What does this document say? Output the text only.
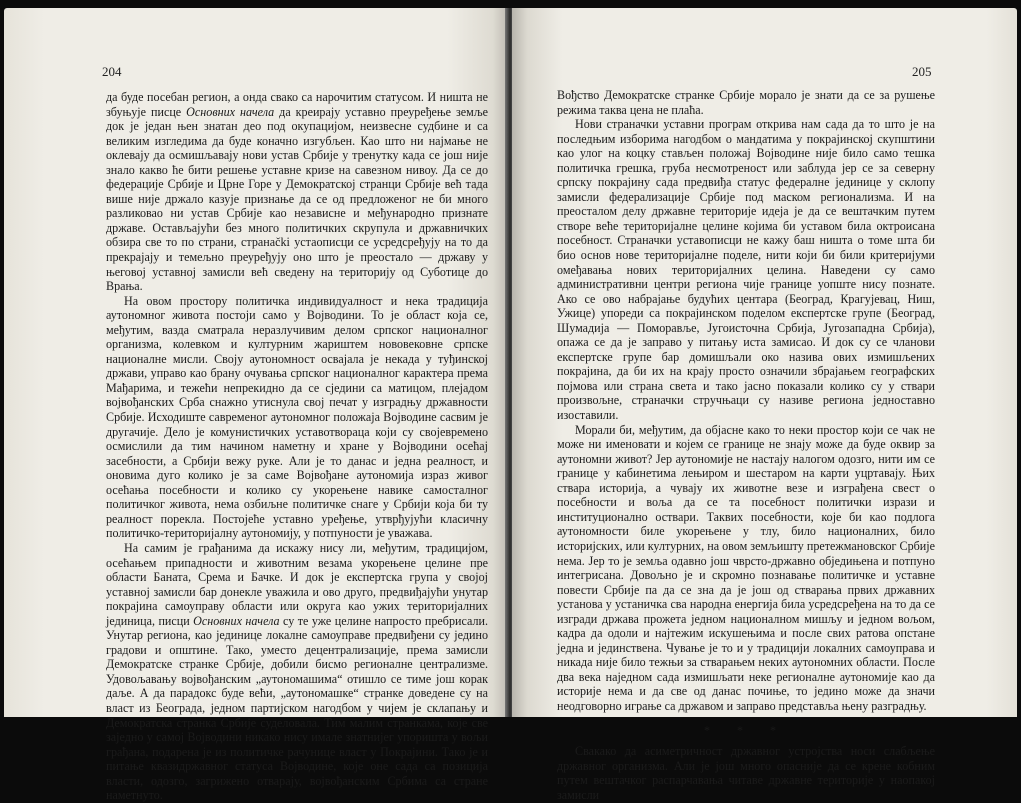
204

да буде посебан регион, а онда свако са нарочитим статусом. И ништа не збуњује писце Основних начела да креирају уставно преуређење земље док је један њен знатан део под окупацијом, неизвесне судбине и са великим изгледима да буде коначно изгубљен. Као што ни најмање не оклевају да осмишљавају нови устав Србије у тренутку када се још није знало какво ће бити решење уставне кризе на савезном нивоу. Да се до федерације Србије и Црне Горе у Демократској странци Србије већ тада више није држало казује признање да се од предложеног не би много разликовао ни устав Србије као независне и међународно признате државе. Остављајући без много политичких скрупула и државничких обзира све то по страни, странački устаописци се усредсређују на то да прекрајају и темељно преуређују оно што је преостало — државу у његовој уставној замисли већ сведену на територију од Суботице до Врања.

На овом простору политичка индивидуалност и нека традиција аутономног живота постоји само у Војводини. То је област која се, међутим, вазда сматрала неразлучивим делом српског националног организма, колевком и културним жариштем нововековне српске националне мисли. Своју аутономност осваjала је некада у туђинској држави, управо као брану очувања српског националног карактера према Мађарима, и тежећи непрекидно да се сједини са матицом, плејадом војвођанских Срба снажно утиснула свој печат у изградњу државности Србије. Исходиште савременог аутономног положаја Војводине сасвим је другачије. Дело је комунистичких уставотвораца који су својевремено осмислили да тим начином наметну и хране у Војводини осећај засебности, а Србији вежу руке. Али је то данас и једна реалност, и оновима дуго колико је за саме Војвођане аутономија израз живог осећања посебности и колико су укорењене навике самосталног политичког живота, нема озбиљне политичке снаге у Србији која би ту реалност порекла. Постојеће уставно уређење, утврђујући класичну политичко-територијалну аутономију, у потпуности је уважава.

На самим је грађанима да искажу нису ли, међутим, традицијом, осећањем припадности и животним везама укорењене целине пре области Баната, Срема и Бачке. И док је експертска група у својој уставној замисли бар донекле уважила и ово друго, предвиђајући унутар покрајина самоуправу области или округа као ужих територијалних јединица, писци Основних начела су те уже целине напросто пребрисали. Унутар региона, као јединице локалне самоуправе предвиђени су једино градови и општине. Тако, уместо децентрализације, према замисли Демократске странке Србије, добили бисмо регионалне централизме. Удовољавању војвођанским „аутономашима“ отишло се тиме још корак даље. А да парадокс буде већи, „аутономашке“ странке доведене су на власт из Београда, једном партијском нагодбом у чијем је склапању и Демократска странка Србије суделовала. Тим малим странкама, које све заједно у самој Војводини никако нису имале знатнијег упоришта у вољи грађана, подарена је из политичке рачунице власт у Покрајини. Тако је и питање квазидржавног статуса Војводине, које оне сада са позиција власти, одозго, загрижено отварају, војвођанским Србима са стране наметнуто.

205

Вођство Демократске странке Србије морало је знати да се за рушење режима таква цена не плаћа.

Нови страначки уставни програм открива нам сада да то што је на последњим изборима нагодбом о мандатима у покрајинској скупштини као улог на коцку стављен положај Војводине није било само тешка политичка грешка, груба несмотреност или заблуда јер се за северну српску покрајину сада предвиђа статус федералне јединице у склопу замисли федерализације Србије под маском регионализма. И на преосталом делу државне територије идеја је да се вештачким путем створе веће територијалне целине којима би уставом била октроисана посебност. Страначки уставописци не кажу баш ништа о томе шта би био основ нове територијалне поделе, нити који би били критеријуми омеђавања нових територијалних целина. Наведени су само административни центри региона чије границе уопште нису познате. Ако се ово набрајање будућих центара (Београд, Крагујевац, Ниш, Ужице) упореди са покрајинском поделом експертске групе (Београд, Шумадија — Поморавље, Југоисточна Србија, Југозападна Србија), опажа се да је заправо у питању иста замисао. И док су се чланови експертске групе бар домишљали око назива ових измишљених покрајина, да би их на крају просто означили збрајањем географских појмова или страна света и тако јасно показали колико су у ствари произвољне, страначки стручњаци су називе регионa једноставно изоставили.

Морали би, међутим, да објасне како то неки простор који се чак не може ни именовати и којем се границе не знају може да буде оквир за аутономни живот? Јер аутономије не настају налогом одозго, нити им се границе у кабинетима лењиром и шестаром на карти уцртавају. Њих ствара историја, а чувају их животне везе и изграђена свест о посебности и воља да се та посебност политички изрази и институционално оствари. Таквих посебности, које би као подлога аутономности биле укорењене у тлу, било националних, било историјских, или културних, на овом земљишту претежмановског Србије нема. Јер то је земља одавно још чврсто-државно обједињена и потпуно интегрисана. Довољно је и скромно познавање политичке и уставне повести Србије па да се зна да је још од стварања првих државних установа у устаничка сва народна енергија била усредсређена на то да се изгради држава прожета једном националном мишљу и једном вољом, кадра да одоли и најтежим искушењима и после свих ратова опстане једна и јединствена. Чување је то и у традицији локалних самоуправа и никада није било тежњи за стварањем неких аутономних области. После два века наједном сада измишљати неке регионалне аутономије као да историје нема и да све од данас почиње, то једино може да значи неодговорно играње са државом и заправо представља њену разградњу.

* * *

Свакако да асиметричност државног устројства носи слабљење државног организма. Али је још много опасније да се крене кобним путем вештачког распарчавања читаве државне територије у наопакој замисли
